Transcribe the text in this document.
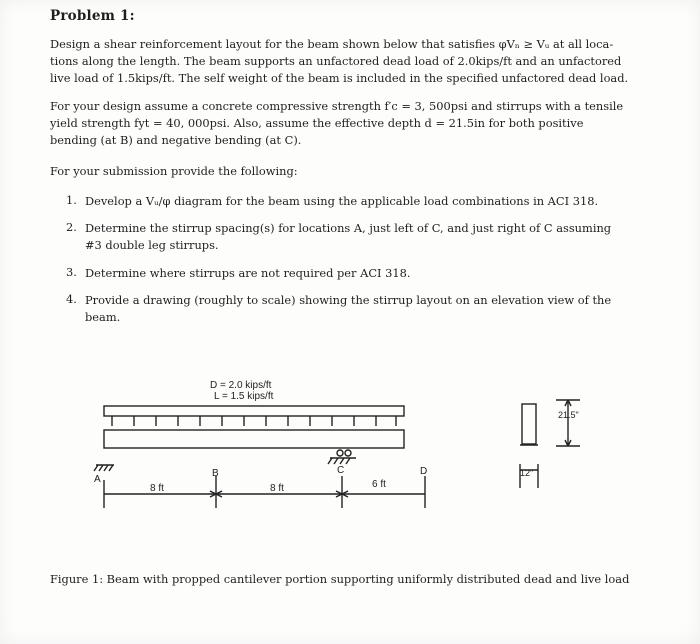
Problem 1:
Design a shear reinforcement layout for the beam shown below that satisfies φVₙ ≥ Vᵤ at all loca-
tions along the length. The beam supports an unfactored dead load of 2.0kips/ft and an unfactored
live load of 1.5kips/ft. The self weight of the beam is included in the specified unfactored dead load.
For your design assume a concrete compressive strength f′c = 3, 500psi and stirrups with a tensile
yield strength fyt = 40, 000psi. Also, assume the effective depth d = 21.5in for both positive
bending (at B) and negative bending (at C).
For your submission provide the following:
1. Develop a Vᵤ/φ diagram for the beam using the applicable load combinations in ACI 318.
2. Determine the stirrup spacing(s) for locations A, just left of C, and just right of C assuming
#3 double leg stirrups.
3. Determine where stirrups are not required per ACI 318.
4. Provide a drawing (roughly to scale) showing the stirrup layout on an elevation view of the
beam.
D = 2.0 kips/ft
L = 1.5 kips/ft
A
B	C	D
8 ft	8 ft	6 ft
21.5"
12"
Figure 1: Beam with propped cantilever portion supporting uniformly distributed dead and live load
